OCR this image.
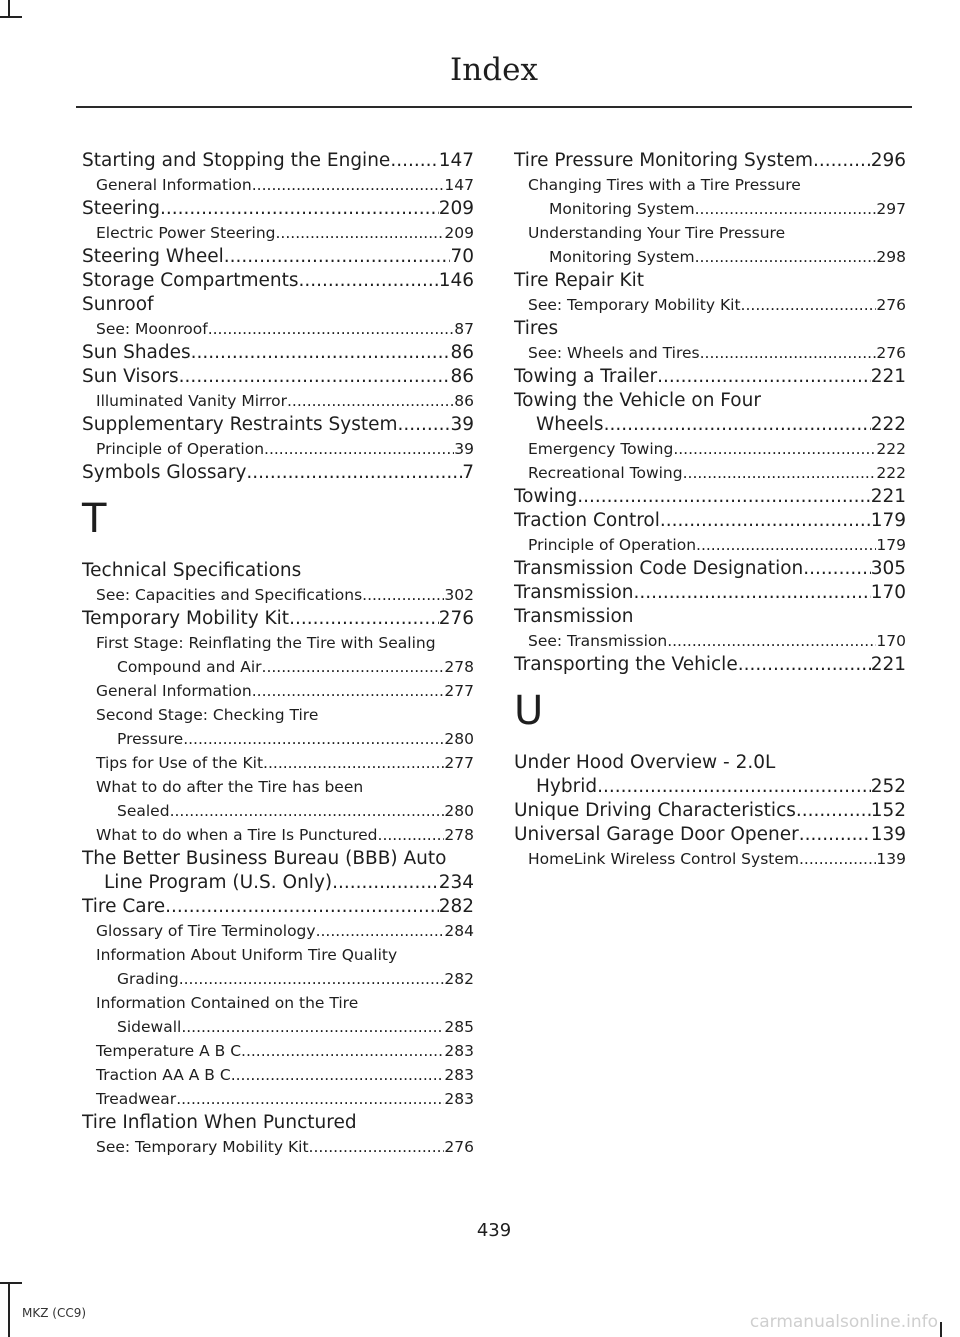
Index
Starting and Stopping the Engine .....	147
General Information .....	147
Steering .....	209
Electric Power Steering .....	209
Steering Wheel .....	70
Storage Compartments .....	146
Sunroof
See: Moonroof .....	87
Sun Shades .....	86
Sun Visors .....	86
Illuminated Vanity Mirror .....	86
Supplementary Restraints System .....	39
Principle of Operation .....	39
Symbols Glossary .....	7
T
Technical Specifications
See: Capacities and Specifications .....	302
Temporary Mobility Kit .....	276
First Stage: Reinflating the Tire with Sealing
Compound and Air .....	278
General Information .....	277
Second Stage: Checking Tire
Pressure .....	280
Tips for Use of the Kit .....	277
What to do after the Tire has been
Sealed .....	280
What to do when a Tire Is Punctured .....	278
The Better Business Bureau (BBB) Auto
Line Program (U.S. Only) .....	234
Tire Care .....	282
Glossary of Tire Terminology .....	284
Information About Uniform Tire Quality
Grading .....	282
Information Contained on the Tire
Sidewall .....	285
Temperature A B C .....	283
Traction AA A B C .....	283
Treadwear .....	283
Tire Inflation When Punctured
See: Temporary Mobility Kit .....	276
Tire Pressure Monitoring System .....	296
Changing Tires with a Tire Pressure
Monitoring System .....	297
Understanding Your Tire Pressure
Monitoring System .....	298
Tire Repair Kit
See: Temporary Mobility Kit .....	276
Tires
See: Wheels and Tires .....	276
Towing a Trailer .....	221
Towing the Vehicle on Four
Wheels .....	222
Emergency Towing .....	222
Recreational Towing .....	222
Towing .....	221
Traction Control .....	179
Principle of Operation .....	179
Transmission Code Designation .....	305
Transmission .....	170
Transmission
See: Transmission .....	170
Transporting the Vehicle .....	221
U
Under Hood Overview - 2.0L
Hybrid .....	252
Unique Driving Characteristics .....	152
Universal Garage Door Opener .....	139
HomeLink Wireless Control System .....	139
439
MKZ (CC9)	carmanualsonline.info
